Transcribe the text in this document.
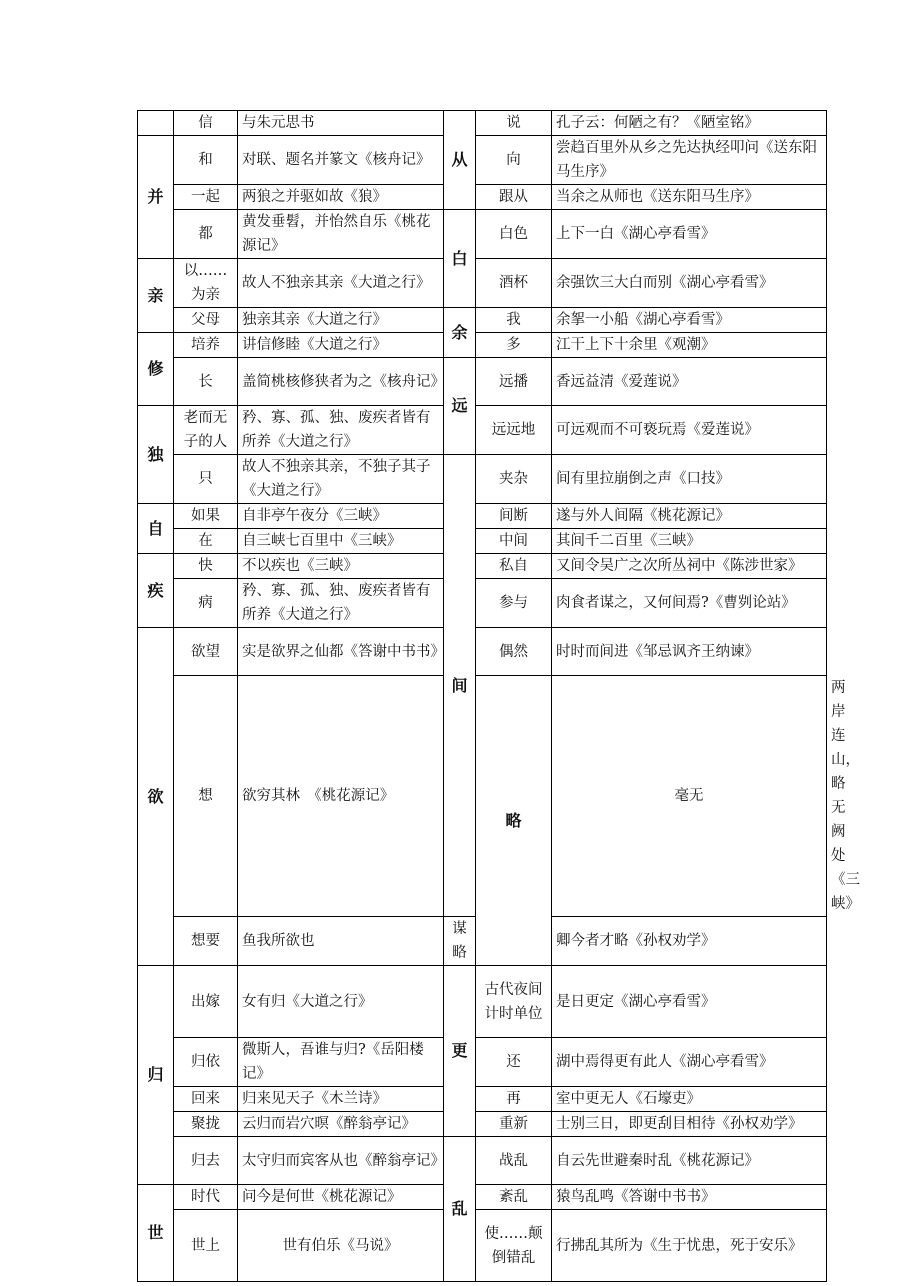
	信	与朱元思书	从	说	孔子云：何陋之有？《陋室铭》	
并	和	对联、题名并篆文《核舟记》		向	尝趋百里外从乡之先达执经叩问《送东阳马生序》	

	一起	两狼之并驱如故《狼》		跟从	当余之从师也《送东阳马生序》	
	都	黄发垂髫，并怡然自乐《桃花源记》	白	白色	上下一白《湖心亭看雪》	

亲	以……为亲	故人不独亲其亲《大道之行》		酒杯	余强饮三大白而别《湖心亭看雪》	
	父母	独亲其亲《大道之行》	余	我	余挐一小船《湖心亭看雪》	
修	培养	讲信修睦《大道之行》		多	江干上下十余里《观潮》	
	长	盖简桃核修狭者为之《核舟记》	远	远播	香远益清《爱莲说》	
独	老而无子的人	矜、寡、孤、独、废疾者皆有所养《大道之行》		远远地	可远观而不可亵玩焉《爱莲说》	
	只	故人不独亲其亲，不独子其子《大道之行》	间	夹杂	间有里拉崩倒之声《口技》	
自	如果	自非亭午夜分《三峡》		间断	遂与外人间隔《桃花源记》	
	在	自三峡七百里中《三峡》		中间	其间千二百里《三峡》	
疾	快	不以疾也《三峡》		私自	又间令吴广之次所丛祠中《陈涉世家》	
	病	矜、寡、孤、独、废疾者皆有所养《大道之行》		参与	肉食者谋之，又何间焉?《曹刿论站》	
欲	欲望	实是欲界之仙都《答谢中书书》		偶然	时时而间进《邹忌讽齐王纳谏》	
	想	欲穷其林　《桃花源记》		略	毫无	两岸连山，略无阙处《三峡》
	想要	鱼我所欲也	谋略		卿今者才略《孙权劝学》	
归	出嫁	女有归《大道之行》	更	古代夜间计时单位	是日更定《湖心亭看雪》	
	归依	微斯人，吾谁与归?《岳阳楼记》		还	湖中焉得更有此人《湖心亭看雪》	
	回来	归来见天子《木兰诗》		再	室中更无人《石壕吏》	
	聚拢	云归而岩穴暝《醉翁亭记》		重新	士别三日，即更刮目相待《孙权劝学》	
	归去	太守归而宾客从也《醉翁亭记》	乱	战乱	自云先世避秦时乱《桃花源记》	
世	时代	问今是何世《桃花源记》		紊乱	猿鸟乱鸣《答谢中书书》	
	世上	世有伯乐《马说》		使……颠倒错乱	行拂乱其所为《生于忧患，死于安乐》	
